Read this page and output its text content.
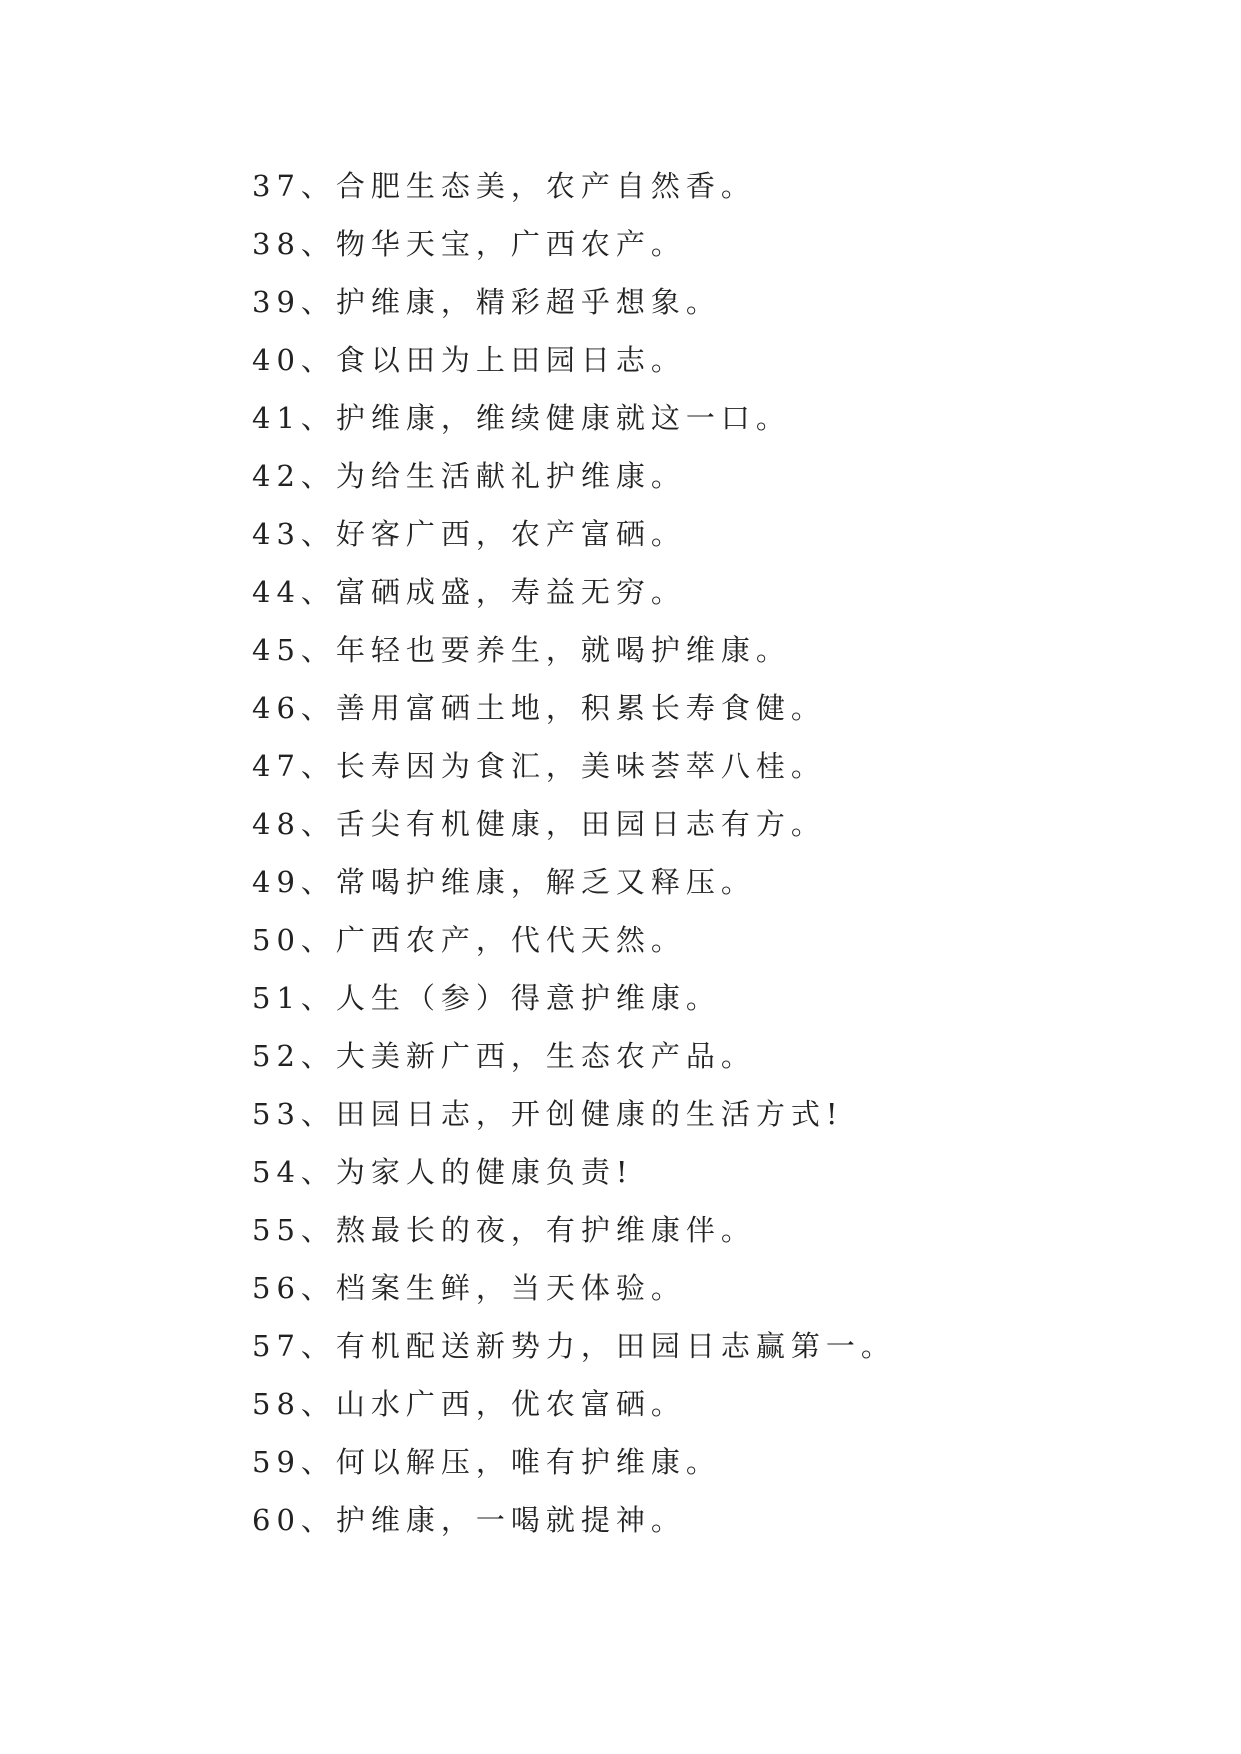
37、合肥生态美，农产自然香。
38、物华天宝，广西农产。
39、护维康，精彩超乎想象。
40、食以田为上田园日志。
41、护维康，维续健康就这一口。
42、为给生活献礼护维康。
43、好客广西，农产富硒。
44、富硒成盛，寿益无穷。
45、年轻也要养生，就喝护维康。
46、善用富硒土地，积累长寿食健。
47、长寿因为食汇，美味荟萃八桂。
48、舌尖有机健康，田园日志有方。
49、常喝护维康，解乏又释压。
50、广西农产，代代天然。
51、人生（参）得意护维康。
52、大美新广西，生态农产品。
53、田园日志，开创健康的生活方式!
54、为家人的健康负责!
55、熬最长的夜，有护维康伴。
56、档案生鲜，当天体验。
57、有机配送新势力，田园日志赢第一。
58、山水广西，优农富硒。
59、何以解压，唯有护维康。
60、护维康，一喝就提神。
